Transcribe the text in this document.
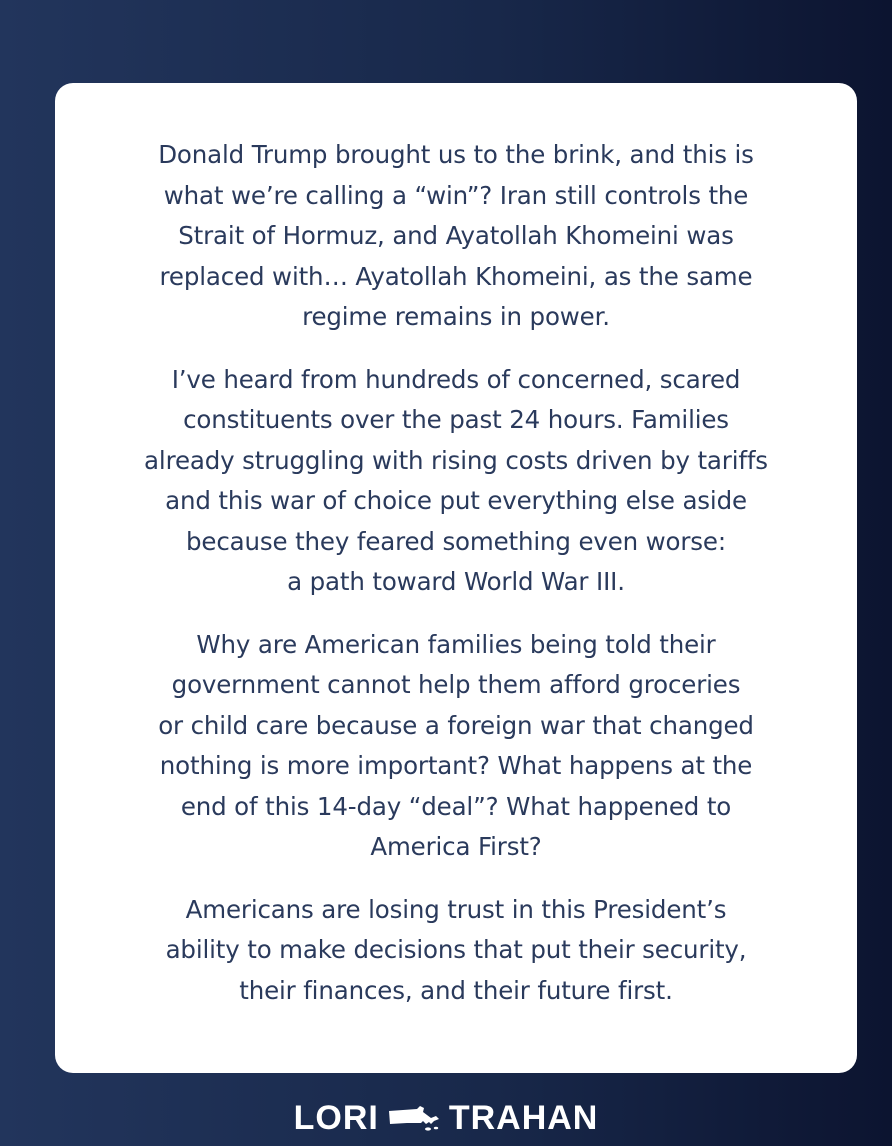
Donald Trump brought us to the brink, and this is
what we’re calling a “win”? Iran still controls the
Strait of Hormuz, and Ayatollah Khomeini was
replaced with… Ayatollah Khomeini, as the same
regime remains in power.

I’ve heard from hundreds of concerned, scared
constituents over the past 24 hours. Families
already struggling with rising costs driven by tariffs
and this war of choice put everything else aside
because they feared something even worse:
a path toward World War III.

Why are American families being told their
government cannot help them afford groceries
or child care because a foreign war that changed
nothing is more important? What happens at the
end of this 14-day “deal”? What happened to
America First?

Americans are losing trust in this President’s
ability to make decisions that put their security,
their finances, and their future first.

LORI TRAHAN
